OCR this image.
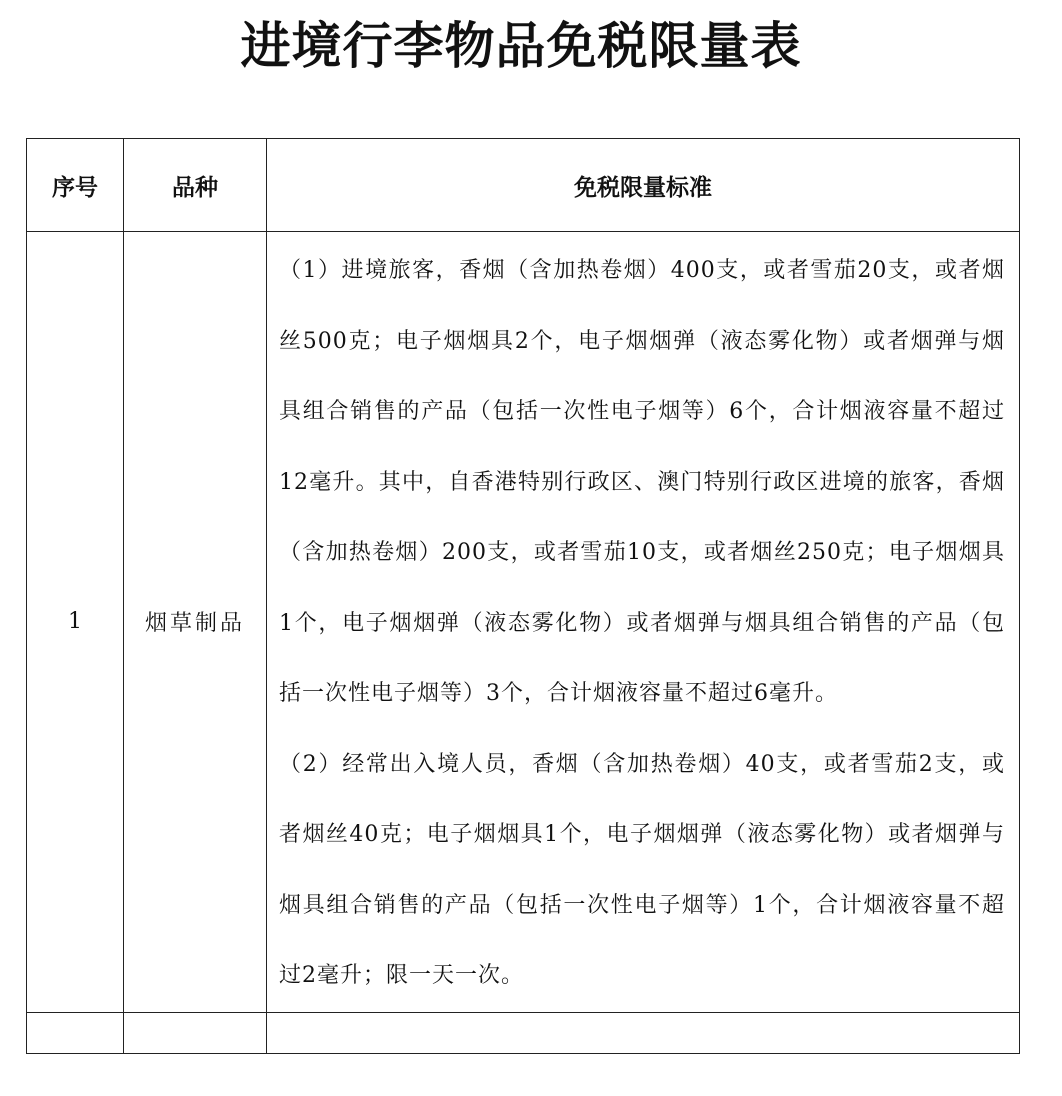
进境行李物品免税限量表
序号	品种	免税限量标准
1	烟草制品	（1）进境旅客，香烟（含加热卷烟）400支，或者雪茄20支，或者烟丝500克；电子烟烟具2个，电子烟烟弹（液态雾化物）或者烟弹与烟具组合销售的产品（包括一次性电子烟等）6个，合计烟液容量不超过12毫升。其中，自香港特别行政区、澳门特别行政区进境的旅客，香烟（含加热卷烟）200支，或者雪茄10支，或者烟丝250克；电子烟烟具1个，电子烟烟弹（液态雾化物）或者烟弹与烟具组合销售的产品（包括一次性电子烟等）3个，合计烟液容量不超过6毫升。

（2）经常出入境人员，香烟（含加热卷烟）40支，或者雪茄2支，或者烟丝40克；电子烟烟具1个，电子烟烟弹（液态雾化物）或者烟弹与烟具组合销售的产品（包括一次性电子烟等）1个，合计烟液容量不超过2毫升；限一天一次。
